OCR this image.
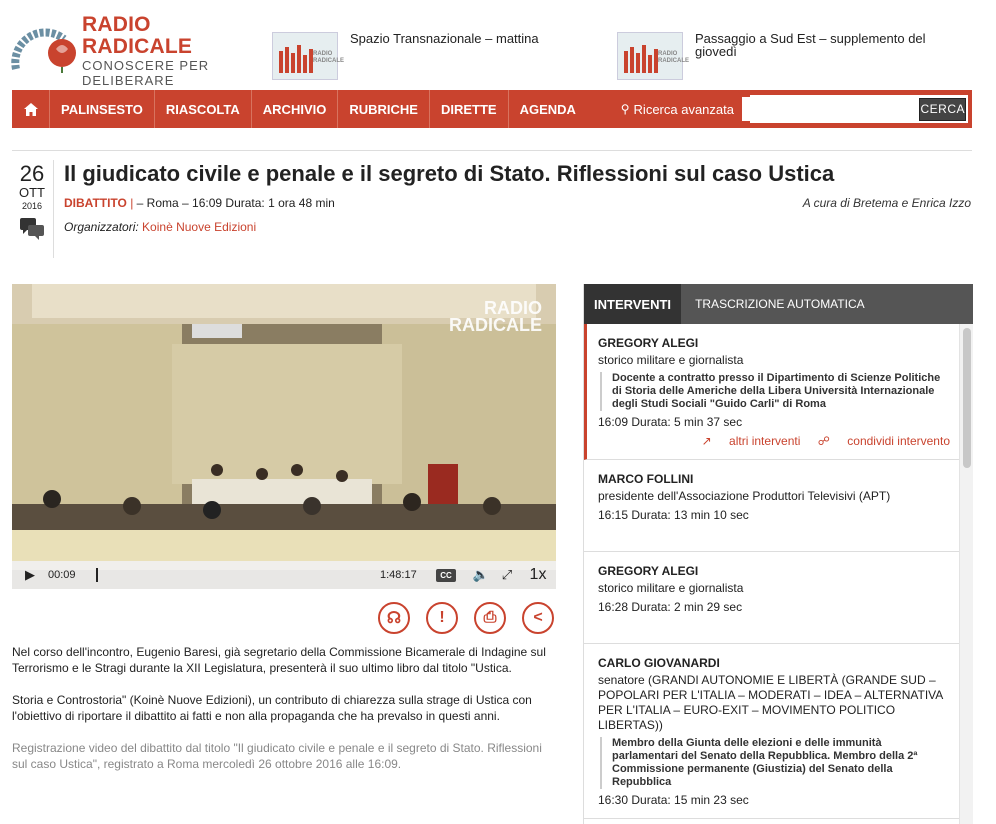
RADIO RADICALE
CONOSCERE PER DELIBERARE
RADIO RADICALE
Spazio Transnazionale – mattina
RADIO RADICALE
Passaggio a Sud Est – supplemento del giovedì
PALINSESTO	RIASCOLTA	ARCHIVIO	RUBRICHE	DIRETTE	AGENDA	⚲ Ricerca avanzata	CERCA
26
OTT
2016
Il giudicato civile e penale e il segreto di Stato. Riflessioni sul caso Ustica
DIBATTITO | – Roma – 16:09 Durata: 1 ora 48 min	A cura di Bretema e Enrica Izzo
Organizzatori: Koinè Nuove Edizioni
RADIO
RADICALE
▶	00:09	1:48:17	CC	🔈 ⤢	1x
☊	!	⎙	<

Nel corso dell'incontro, Eugenio Baresi, già segretario della Commissione Bicamerale di Indagine sul Terrorismo e le Stragi durante la XII Legislatura, presenterà il suo ultimo libro dal titolo "Ustica.

Storia e Controstoria" (Koinè Nuove Edizioni), un contributo di chiarezza sulla strage di Ustica con l'obiettivo di riportare il dibattito ai fatti e non alla propaganda che ha prevalso in questi anni.

Registrazione video del dibattito dal titolo "Il giudicato civile e penale e il segreto di Stato. Riflessioni sul caso Ustica", registrato a Roma mercoledì 26 ottobre 2016 alle 16:09.

INTERVENTI	TRASCRIZIONE AUTOMATICA
GREGORY ALEGI
storico militare e giornalista
Docente a contratto presso il Dipartimento di Scienze Politiche di Storia delle Americhe della Libera Università Internazionale degli Studi Sociali "Guido Carli" di Roma
16:09 Durata: 5 min 37 sec
↗ altri interventi ☍ condividi intervento
MARCO FOLLINI
presidente dell'Associazione Produttori Televisivi (APT)
16:15 Durata: 13 min 10 sec
GREGORY ALEGI
storico militare e giornalista
16:28 Durata: 2 min 29 sec
CARLO GIOVANARDI
senatore (GRANDI AUTONOMIE E LIBERTÀ (GRANDE SUD – POPOLARI PER L'ITALIA – MODERATI – IDEA – ALTERNATIVA PER L'ITALIA – EURO-EXIT – MOVIMENTO POLITICO LIBERTAS))
Membro della Giunta delle elezioni e delle immunità parlamentari del Senato della Repubblica. Membro della 2ª Commissione permanente (Giustizia) del Senato della Repubblica
16:30 Durata: 15 min 23 sec
